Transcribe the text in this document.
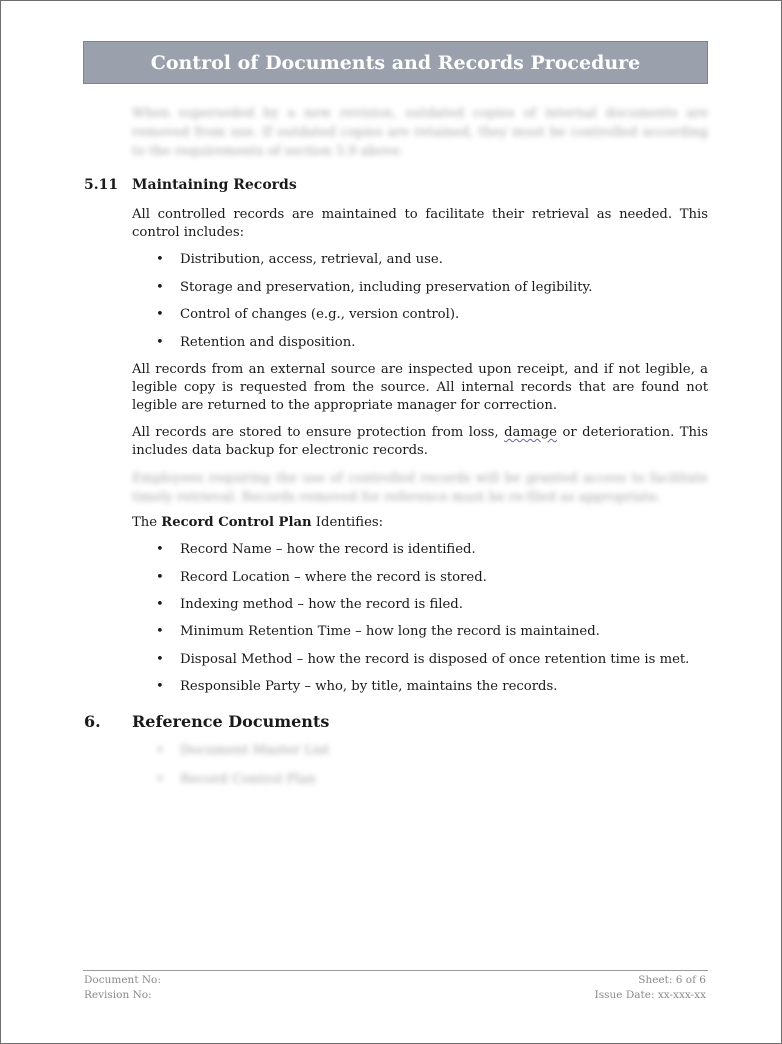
Control of Documents and Records Procedure
When superseded by a new revision, outdated copies of internal documents are removed from use. If outdated copies are retained, they must be controlled according to the requirements of section 5.9 above.
5.11 Maintaining Records
All controlled records are maintained to facilitate their retrieval as needed. This control includes:
•	Distribution, access, retrieval, and use.
•	Storage and preservation, including preservation of legibility.
•	Control of changes (e.g., version control).
•	Retention and disposition.
All records from an external source are inspected upon receipt, and if not legible, a legible copy is requested from the source. All internal records that are found not legible are returned to the appropriate manager for correction.
All records are stored to ensure protection from loss, damage or deterioration. This includes data backup for electronic records.
Employees requiring the use of controlled records will be granted access to facilitate timely retrieval. Records removed for reference must be re-filed as appropriate.
The Record Control Plan Identifies:
•	Record Name – how the record is identified.
•	Record Location – where the record is stored.
•	Indexing method – how the record is filed.
•	Minimum Retention Time – how long the record is maintained.
•	Disposal Method – how the record is disposed of once retention time is met.
•	Responsible Party – who, by title, maintains the records.
6. Reference Documents
•	Document Master List
•	Record Control Plan
Document No:
Revision No:
Sheet: 6 of 6
Issue Date: xx-xxx-xx
